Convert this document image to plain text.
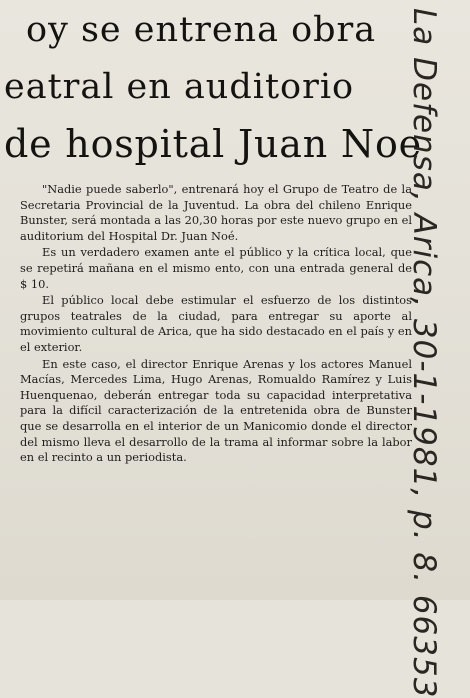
oy se entrena obra
eatral en auditorio
de hospital Juan Noe

"Nadie puede saberlo", entrenará hoy el Grupo de Teatro de la Secretaria Provincial de la Juventud. La obra del chileno Enrique Bunster, será montada a las 20,30 horas por este nuevo grupo en el auditorium del Hospital Dr. Juan Noé.

Es un verdadero examen ante el público y la crítica local, que se repetirá mañana en el mismo ento, con una entrada general de $ 10.

El público local debe estimular el esfuerzo de los distintos grupos teatrales de la ciudad, para entregar su aporte al movimiento cultural de Arica, que ha sido destacado en el país y en el exterior.

En este caso, el director Enrique Arenas y los actores Manuel Macías, Mercedes Lima, Hugo Arenas, Romualdo Ramírez y Luis Huenquenao, deberán entregar toda su capacidad interpretativa para la difícil caracterización de la entretenida obra de Bunster que se desarrolla en el interior de un Manicomio donde el director del mismo lleva el desarrollo de la trama al informar sobre la labor en el recinto a un periodista.	La Defensa, Arica, 30-1-1981, p. 8. 66353
